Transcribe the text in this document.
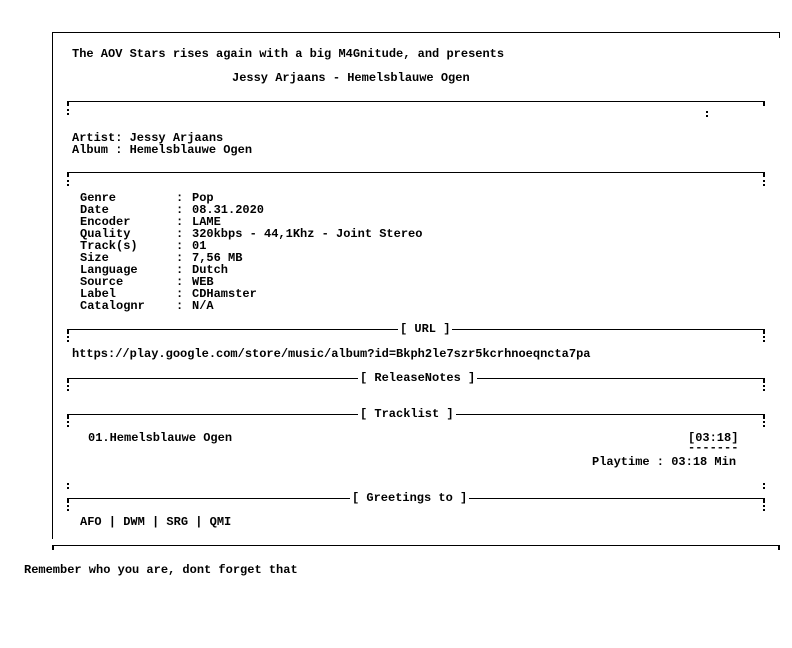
The AOV Stars rises again with a big M4Gnitude, and presents
Jessy Arjaans - Hemelsblauwe Ogen
Artist: Jessy Arjaans
Album : Hemelsblauwe Ogen
Genre	: Pop
Date	: 08.31.2020
Encoder	: LAME
Quality	: 320kbps - 44,1Khz - Joint Stereo
Track(s)	: 01
Size	: 7,56 MB
Language	: Dutch
Source	: WEB
Label	: CDHamster
Catalognr	: N/A
[ URL ]
https://play.google.com/store/music/album?id=Bkph2le7szr5kcrhnoeqncta7pa
[ ReleaseNotes ]
[ Tracklist ]
01.Hemelsblauwe Ogen	[03:18]
-------
Playtime : 03:18 Min
[ Greetings to ]
AFO | DWM | SRG | QMI
Remember who you are, dont forget that
